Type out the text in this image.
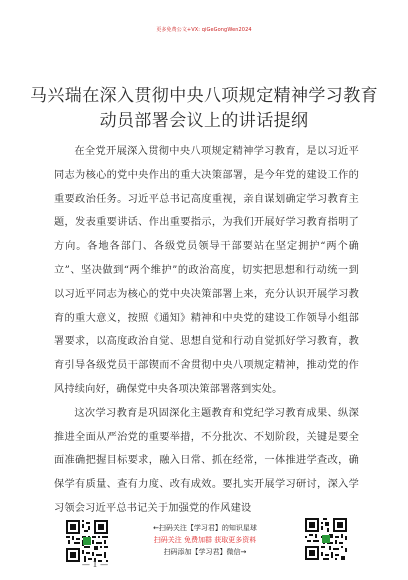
更多免费公文+VX: qiGeGongWen2024
马兴瑞在深入贯彻中央八项规定精神学习教育
动员部署会议上的讲话提纲

在全党开展深入贯彻中央八项规定精神学习教育，是以习近平同志为核心的党中央作出的重大决策部署，是今年党的建设工作的重要政治任务。习近平总书记高度重视，亲自谋划确定学习教育主题，发表重要讲话、作出重要指示，为我们开展好学习教育指明了方向。各地各部门、各级党员领导干部要站在坚定拥护“两个确立”、坚决做到“两个维护”的政治高度，切实把思想和行动统一到以习近平同志为核心的党中央决策部署上来，充分认识开展学习教育的重大意义，按照《通知》精神和中央党的建设工作领导小组部署要求，以高度政治自觉、思想自觉和行动自觉抓好学习教育，教育引导各级党员干部锲而不舍贯彻中央八项规定精神，推动党的作风持续向好，确保党中央各项决策部署落到实处。

这次学习教育是巩固深化主题教育和党纪学习教育成果、纵深推进全面从严治党的重要举措，不分批次、不划阶段，关键是要全面准确把握目标要求，融入日常、抓在经常，一体推进学查改，确保学有质量、查有力度、改有成效。要扎实开展学习研讨，深入学习领会习近平总书记关于加强党的作风建设

←扫码关注【学习君】的知识星球
扫码关注 免费加群 获取更多资料
扫码添加【学习君】微信→
— 1 —
